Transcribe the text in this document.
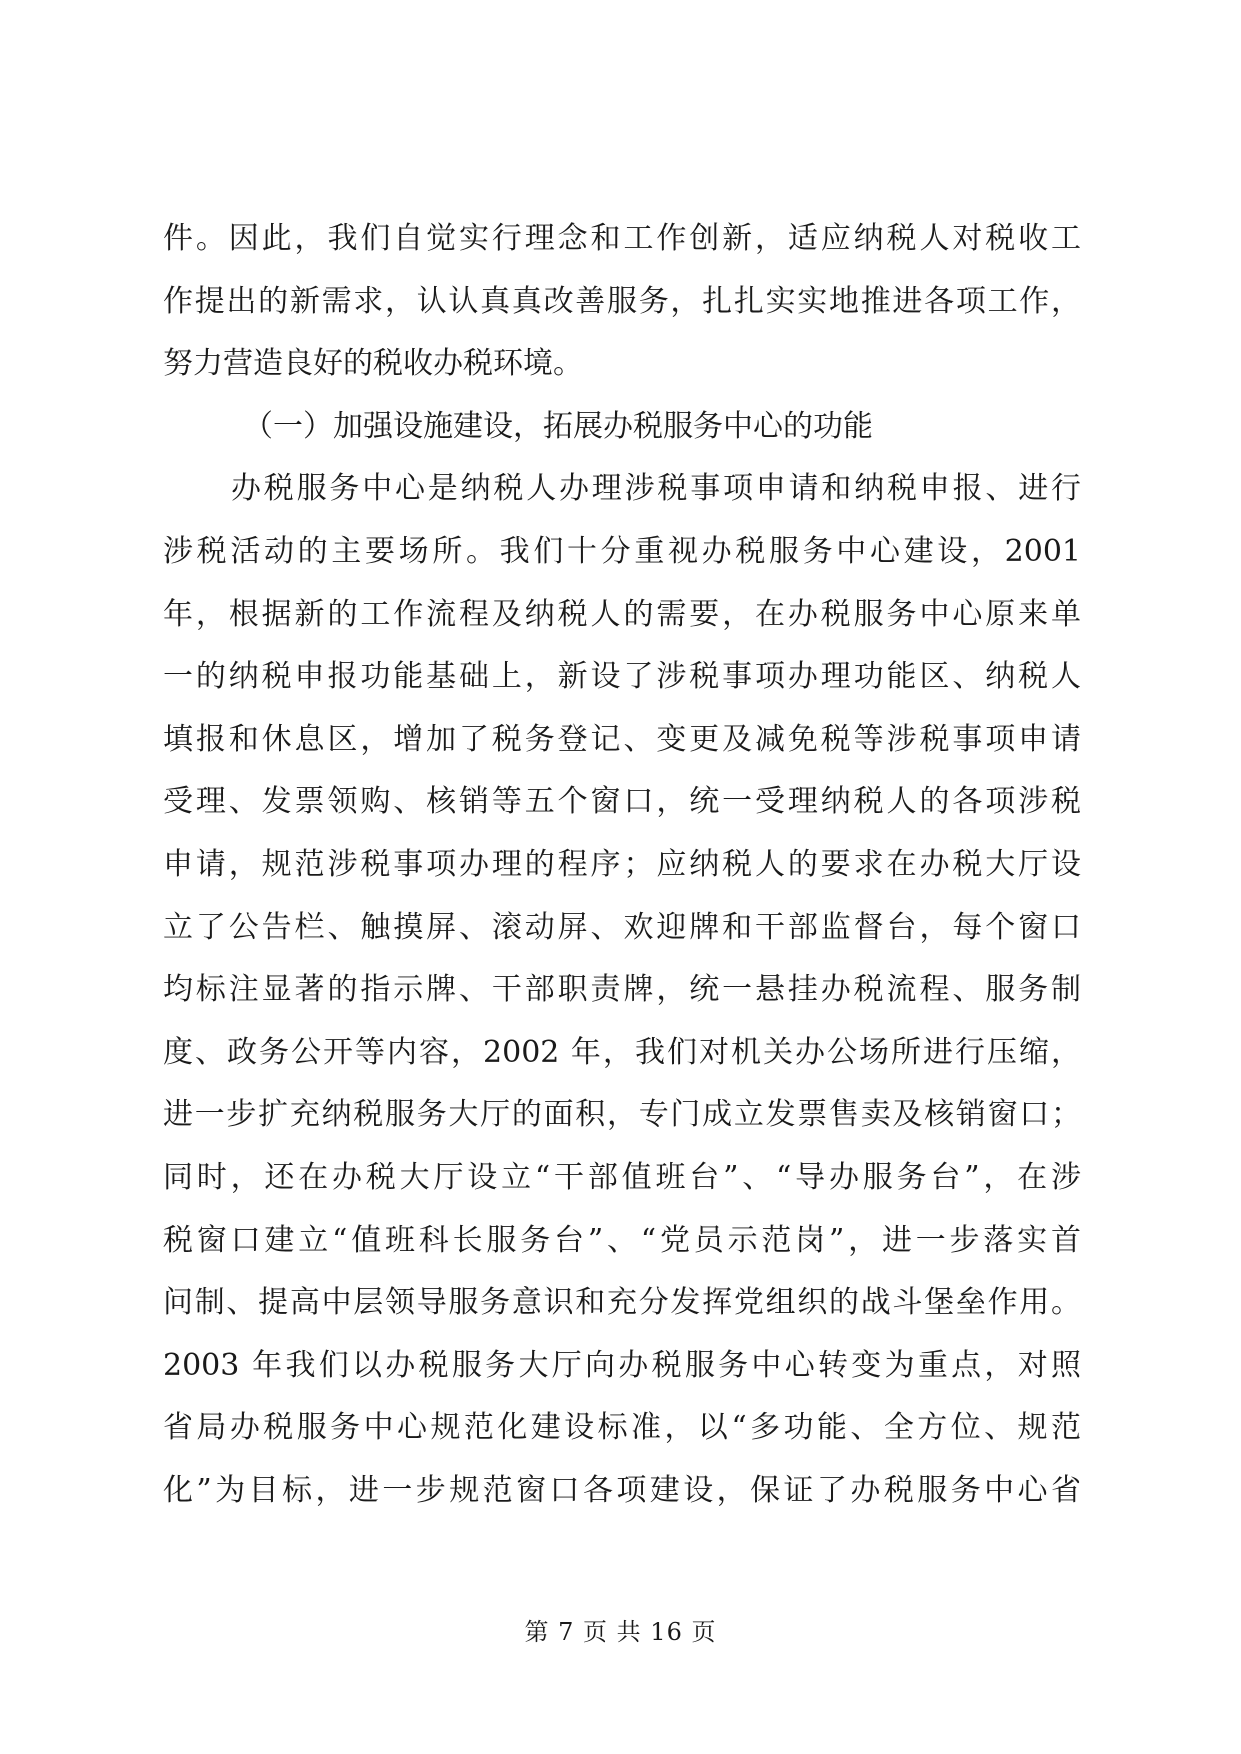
件。因此，我们自觉实行理念和工作创新，适应纳税人对税收工
作提出的新需求，认认真真改善服务，扎扎实实地推进各项工作，
努力营造良好的税收办税环境。
（一）加强设施建设，拓展办税服务中心的功能
办税服务中心是纳税人办理涉税事项申请和纳税申报、进行
涉税活动的主要场所。我们十分重视办税服务中心建设，2001
年，根据新的工作流程及纳税人的需要，在办税服务中心原来单
一的纳税申报功能基础上，新设了涉税事项办理功能区、纳税人
填报和休息区，增加了税务登记、变更及减免税等涉税事项申请
受理、发票领购、核销等五个窗口，统一受理纳税人的各项涉税
申请，规范涉税事项办理的程序；应纳税人的要求在办税大厅设
立了公告栏、触摸屏、滚动屏、欢迎牌和干部监督台，每个窗口
均标注显著的指示牌、干部职责牌，统一悬挂办税流程、服务制
度、政务公开等内容，2002 年，我们对机关办公场所进行压缩，
进一步扩充纳税服务大厅的面积，专门成立发票售卖及核销窗口；
同时，还在办税大厅设立“干部值班台”、“导办服务台”，在涉
税窗口建立“值班科长服务台”、“党员示范岗”，进一步落实首
问制、提高中层领导服务意识和充分发挥党组织的战斗堡垒作用。
2003 年我们以办税服务大厅向办税服务中心转变为重点，对照
省局办税服务中心规范化建设标准，以“多功能、全方位、规范
化”为目标，进一步规范窗口各项建设，保证了办税服务中心省
第 7 页 共 16 页
